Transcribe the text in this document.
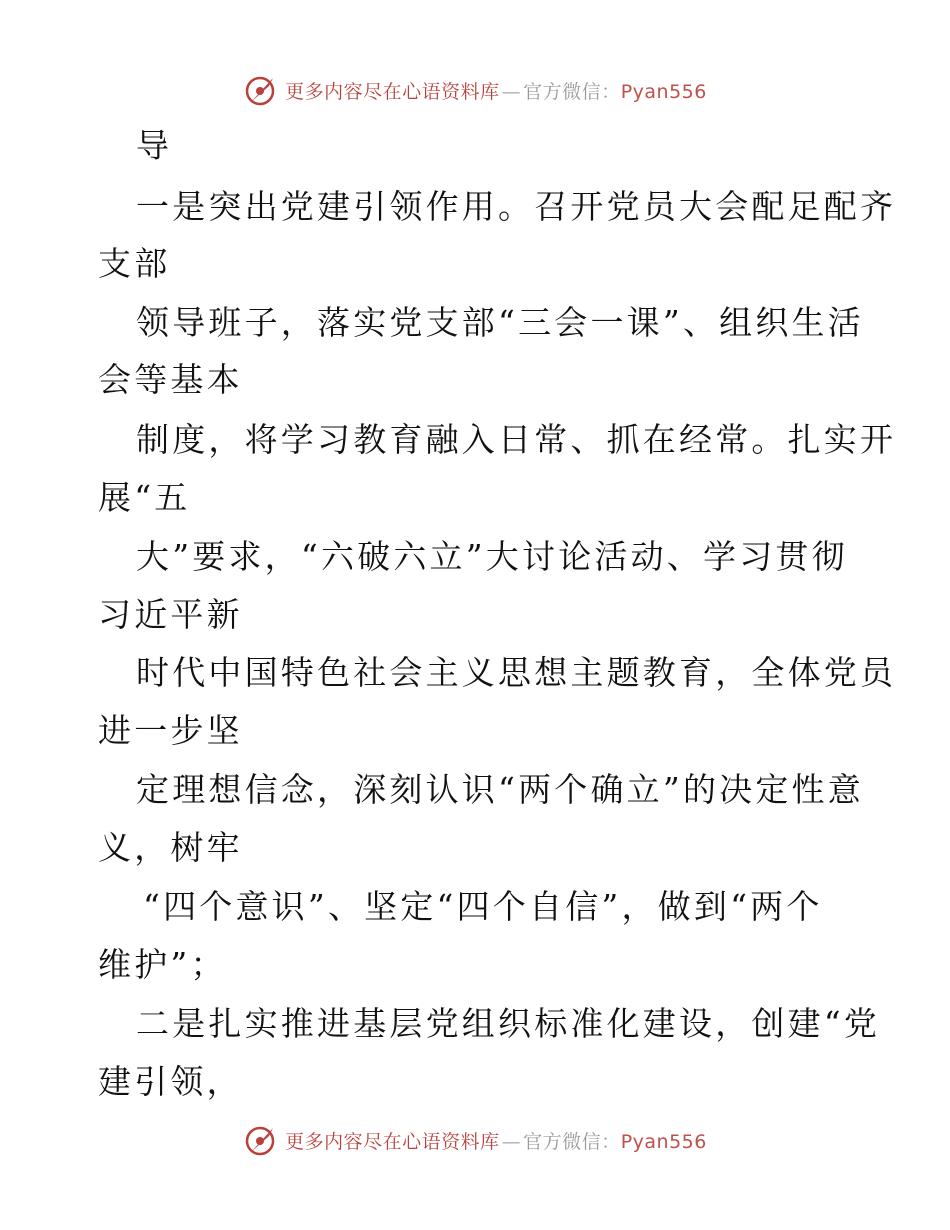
更多内容尽在心语资料库 — 官方微信：Pyan556
导
一是突出党建引领作用。召开党员大会配足配齐
支部
领导班子，落实党支部“三会一课”、组织生活
会等基本
制度，将学习教育融入日常、抓在经常。扎实开
展“五
大”要求，“六破六立”大讨论活动、学习贯彻
习近平新
时代中国特色社会主义思想主题教育，全体党员
进一步坚
定理想信念，深刻认识“两个确立”的决定性意
义，树牢
“四个意识”、坚定“四个自信”，做到“两个
维护”；
二是扎实推进基层党组织标准化建设，创建“党
建引领，
更多内容尽在心语资料库 — 官方微信：Pyan556
